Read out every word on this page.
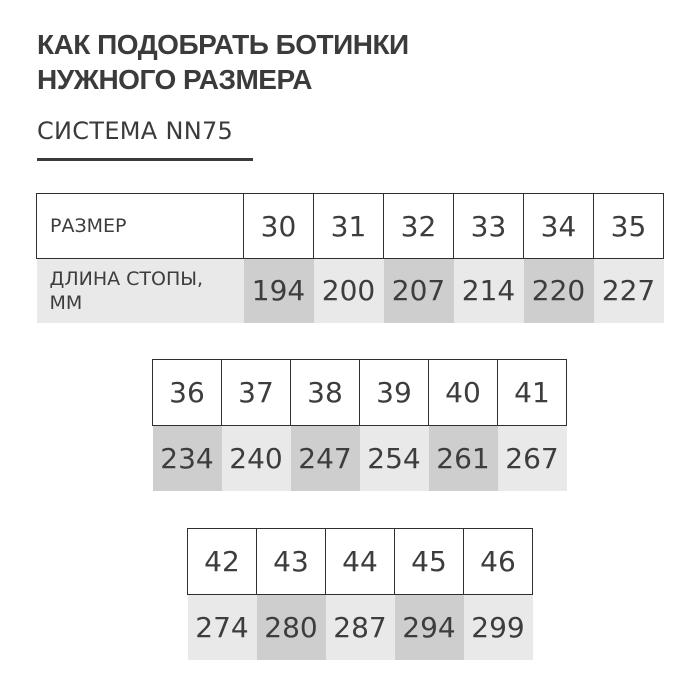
КАК ПОДОБРАТЬ БОТИНКИ
НУЖНОГО РАЗМЕРА
СИСТЕМА NN75
РАЗМЕР	30	31	32	33	34	35
ДЛИНА СТОПЫ, ММ	194	200	207	214	220	227
36	37	38	39	40	41
234	240	247	254	261	267
42	43	44	45	46
274	280	287	294	299
